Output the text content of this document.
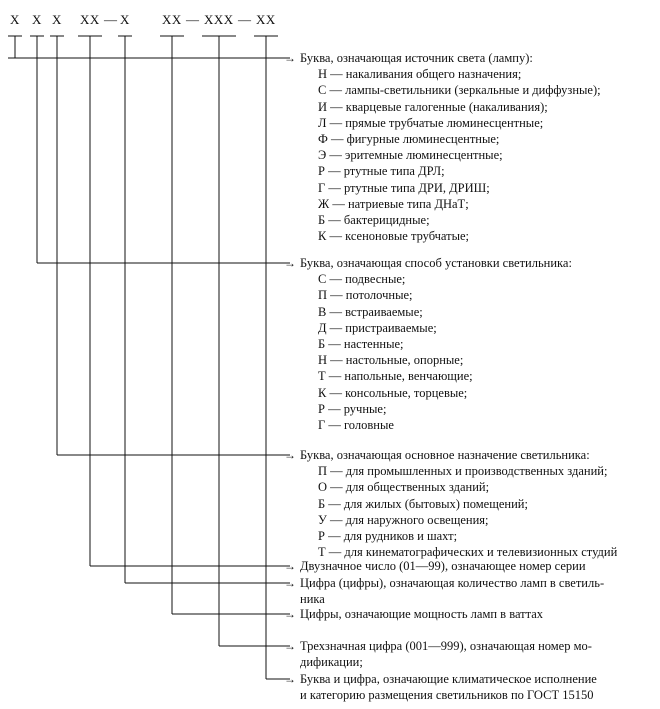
Х Х Х ХХ — Х ХХ — ХХХ — ХХ
→ Буква, означающая источник света (лампу):
Н — накаливания общего назначения;
С — лампы-светильники (зеркальные и диффузные);
И — кварцевые галогенные (накаливания);
Л — прямые трубчатые люминесцентные;
Ф — фигурные люминесцентные;
Э — эритемные люминесцентные;
Р — ртутные типа ДРЛ;
Г — ртутные типа ДРИ, ДРИШ;
Ж — натриевые типа ДНаТ;
Б — бактерицидные;
К — ксеноновые трубчатые;
→ Буква, означающая способ установки светильника:
С — подвесные;
П — потолочные;
В — встраиваемые;
Д — пристраиваемые;
Б — настенные;
Н — настольные, опорные;
Т — напольные, венчающие;
К — консольные, торцевые;
Р — ручные;
Г — головные
→ Буква, означающая основное назначение светильника:
П — для промышленных и производственных зданий;
О — для общественных зданий;
Б — для жилых (бытовых) помещений;
У — для наружного освещения;
Р — для рудников и шахт;
Т — для кинематографических и телевизионных студий
→ Двузначное число (01—99), означающее номер серии
→ Цифра (цифры), означающая количество ламп в светиль-
ника
→ Цифры, означающие мощность ламп в ваттах
→ Трехзначная цифра (001—999), означающая номер мо-
дификации;
→ Буква и цифра, означающие климатическое исполнение
и категорию размещения светильников по ГОСТ 15150
